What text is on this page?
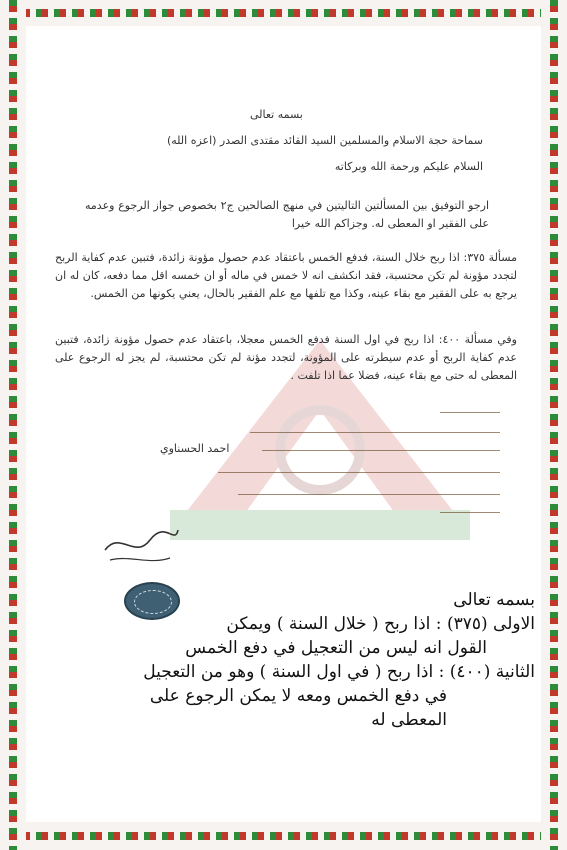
بسمه تعالى
سماحة حجة الاسلام والمسلمين السيد القائد مقتدى الصدر (اعزه الله)
السلام عليكم ورحمة الله وبركاته

ارجو التوفيق بين المسألتين التاليتين في منهج الصالحين ج٢ بخصوص جواز الرجوع وعدمه على الفقير او المعطى له. وجزاكم الله خيرا

مسألة ٣٧٥: اذا ربح خلال السنة، فدفع الخمس باعتقاد عدم حصول مؤونة زائدة، فتبين عدم كفاية الربح لتجدد مؤونة لم تكن محتسبة، فقد انكشف انه لا خمس في ماله أو ان خمسه اقل مما دفعه، كان له ان يرجع به على الفقير مع بقاء عينه، وكذا مع تلفها مع علم الفقير بالحال، يعني يكونها من الخمس.

وفي مسألة ٤٠٠: اذا ربح في اول السنة فدفع الخمس معجلا، باعتقاد عدم حصول مؤونة زائدة، فتبين عدم كفاية الربح أو عدم سيطرته على المؤونة، لتجدد مؤنة لم تكن محتسبة، لم يجز له الرجوع على المعطى له حتى مع بقاء عينه، فضلا عما اذا تلفت .

احمد الحسناوي

بسمه تعالى

الاولى (٣٧٥) : اذا ربح ( خلال السنة ) ويمكن

القول انه ليس من التعجيل في دفع الخمس

الثانية (٤٠٠) : اذا ربح ( في اول السنة ) وهو من التعجيل

في دفع الخمس ومعه لا يمكن الرجوع على

المعطى له
